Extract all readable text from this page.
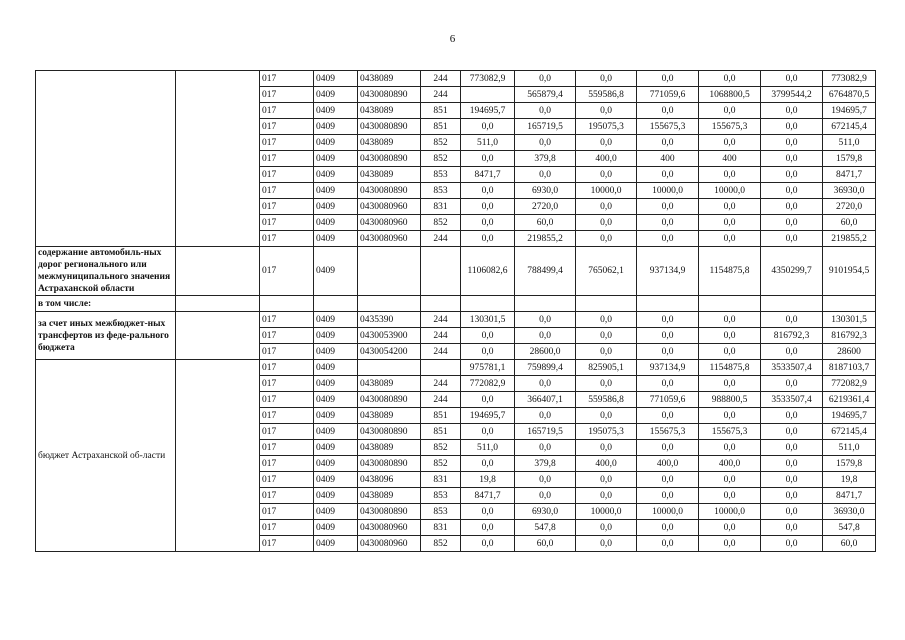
6
		017	0409	0438089	244	773082,9	0,0	0,0	0,0	0,0	0,0	773082,9
		017	0409	0430080890	244		565879,4	559586,8	771059,6	1068800,5	3799544,2	6764870,5
		017	0409	0438089	851	194695,7	0,0	0,0	0,0	0,0	0,0	194695,7
		017	0409	0430080890	851	0,0	165719,5	195075,3	155675,3	155675,3	0,0	672145,4
		017	0409	0438089	852	511,0	0,0	0,0	0,0	0,0	0,0	511,0
		017	0409	0430080890	852	0,0	379,8	400,0	400	400	0,0	1579,8
		017	0409	0438089	853	8471,7	0,0	0,0	0,0	0,0	0,0	8471,7
		017	0409	0430080890	853	0,0	6930,0	10000,0	10000,0	10000,0	0,0	36930,0
		017	0409	0430080960	831	0,0	2720,0	0,0	0,0	0,0	0,0	2720,0
		017	0409	0430080960	852	0,0	60,0	0,0	0,0	0,0	0,0	60,0
		017	0409	0430080960	244	0,0	219855,2	0,0	0,0	0,0	0,0	219855,2
содержание автомобиль-ных дорог регионального или межмуниципального значения Астраханской области		017	0409			1106082,6	788499,4	765062,1	937134,9	1154875,8	4350299,7	9101954,5
в том числе:												
за счет иных межбюджет-ных трансфертов из феде-рального бюджета		017	0409	0435390	244	130301,5	0,0	0,0	0,0	0,0	0,0	130301,5
		017	0409	0430053900	244	0,0	0,0	0,0	0,0	0,0	816792,3	816792,3
		017	0409	0430054200	244	0,0	28600,0	0,0	0,0	0,0	0,0	28600
бюджет Астраханской об-ласти		017	0409			975781,1	759899,4	825905,1	937134,9	1154875,8	3533507,4	8187103,7
		017	0409	0438089	244	772082,9	0,0	0,0	0,0	0,0	0,0	772082,9
		017	0409	0430080890	244	0,0	366407,1	559586,8	771059,6	988800,5	3533507,4	6219361,4
		017	0409	0438089	851	194695,7	0,0	0,0	0,0	0,0	0,0	194695,7
		017	0409	0430080890	851	0,0	165719,5	195075,3	155675,3	155675,3	0,0	672145,4
		017	0409	0438089	852	511,0	0,0	0,0	0,0	0,0	0,0	511,0
		017	0409	0430080890	852	0,0	379,8	400,0	400,0	400,0	0,0	1579,8
		017	0409	0438096	831	19,8	0,0	0,0	0,0	0,0	0,0	19,8
		017	0409	0438089	853	8471,7	0,0	0,0	0,0	0,0	0,0	8471,7
		017	0409	0430080890	853	0,0	6930,0	10000,0	10000,0	10000,0	0,0	36930,0
		017	0409	0430080960	831	0,0	547,8	0,0	0,0	0,0	0,0	547,8
		017	0409	0430080960	852	0,0	60,0	0,0	0,0	0,0	0,0	60,0
